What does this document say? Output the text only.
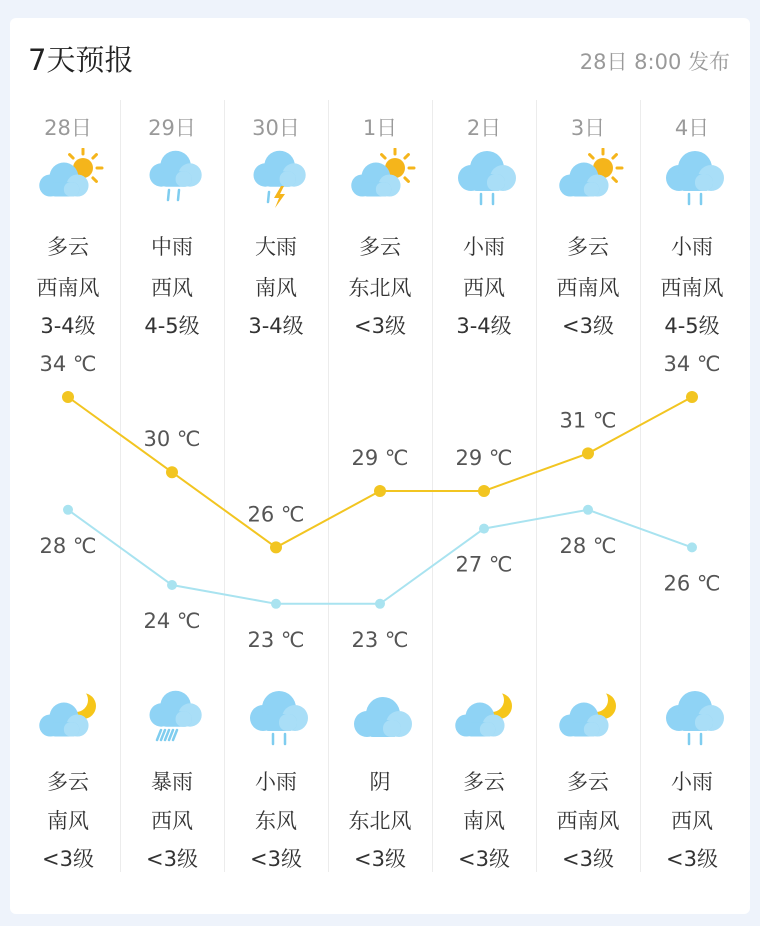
7天预报	28日 8:00 发布
28日
多云
西南风
3-4级
多云
南风
<3级
29日
中雨
西风
4-5级
暴雨
西风
<3级
30日
大雨
南风
3-4级
小雨
东风
<3级
1日
多云
东北风
<3级
阴
东北风
<3级
2日
小雨
西风
3-4级
多云
南风
<3级
3日
多云
西南风
<3级
多云
西南风
<3级
4日
小雨
西南风
4-5级
小雨
西风
<3级
34 ℃
30 ℃
26 ℃
29 ℃ 29 ℃
31 ℃
34 ℃
28 ℃
24 ℃
23 ℃ 23 ℃
27 ℃
28 ℃
26 ℃
